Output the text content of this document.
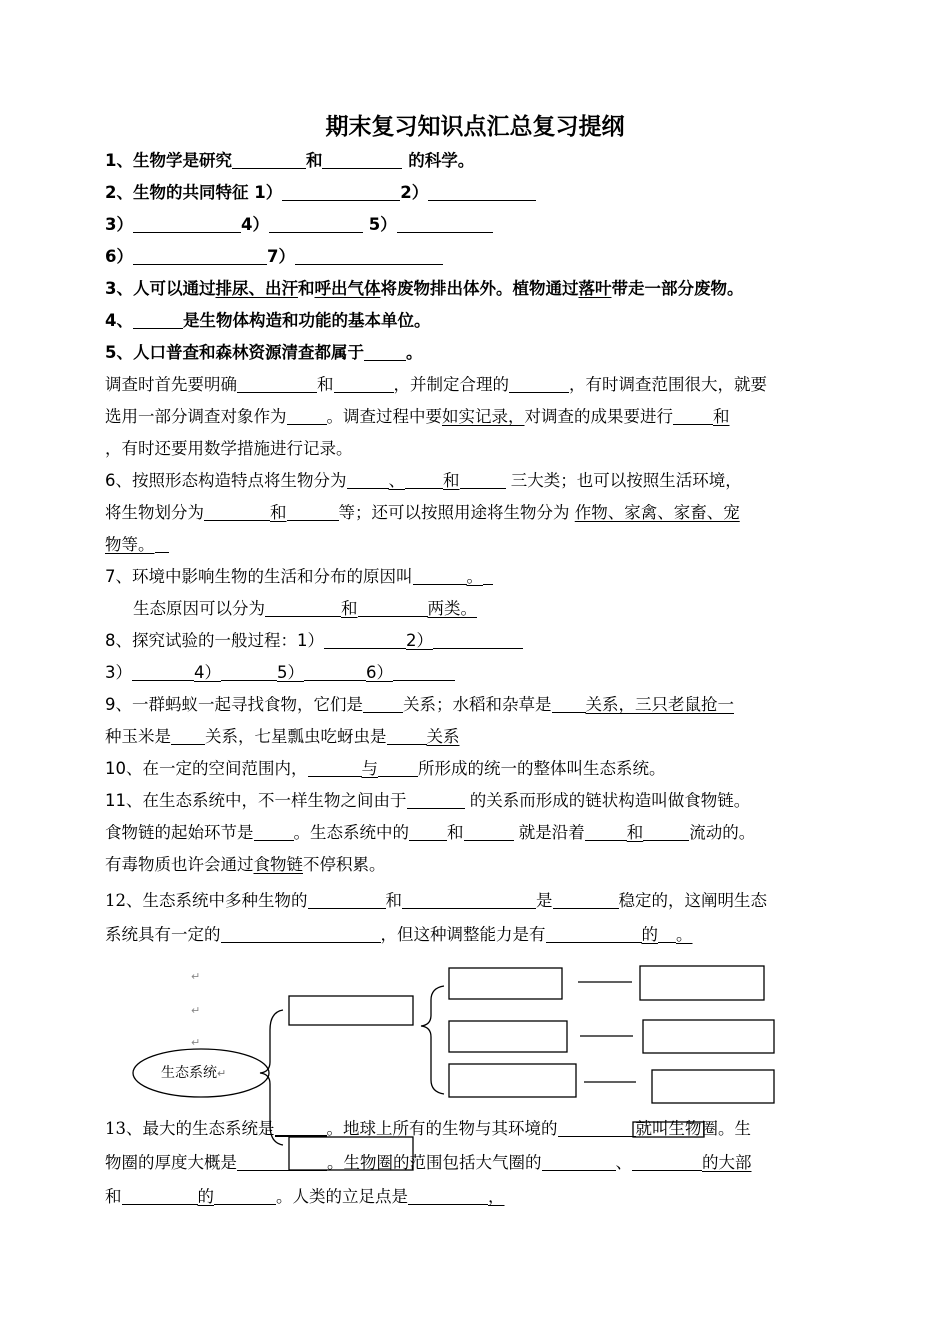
期末复习知识点汇总复习提纲
1、生物学是研究	和	的科学。
2、生物的共同特征 1）	2）
3）	4）	5）
6）	7）
3、人可以通过排尿、出汗和呼出气体将废物排出体外。植物通过落叶带走一部分废物。
4、	是生物体构造和功能的基本单位。
5、人口普查和森林资源清查都属于	。
调查时首先要明确	和	，并制定合理的	，有时调查范围很大，就要
选用一部分调查对象作为 。调查过程中要如实记录，对调查的成果要进行 和
，有时还要用数学措施进行记录。
6、按照形态构造特点将生物分为	、 和	三大类；也可以按照生活环境，
将生物划分为	和	等；还可以按照用途将生物分为 作物、家禽、家畜、宠
物等。
7、环境中影响生物的生活和分布的原因叫	。
生态原因可以分为	和	两类。
8、探究试验的一般过程：1）	2）
3）	4）	5）	6）
9、一群蚂蚁一起寻找食物，它们是 关系；水稻和杂草是 关系，三只老鼠抢一
种玉米是 关系，七星瓢虫吃蚜虫是 关系
10、在一定的空间范围内，	与 所形成的统一的整体叫生态系统。
11、在生态系统中，不一样生物之间由于	的关系而形成的链状构造叫做食物链。
食物链的起始环节是 。生态系统中的 和	就是沿着	和	流动的。
有毒物质也许会通过食物链不停积累。
12、生态系统中多种生物的	和	是	稳定的，这阐明生态
系统具有一定的	，但这种调整能力是有	的 。
生态系统↵
↵
↵
↵
13、最大的生态系统是	。地球上所有的生物与其环境的	就叫生物圈。生
物圈的厚度大概是	。生物圈的范围包括大气圈的	、	的大部
和	的	。人类的立足点是	，
